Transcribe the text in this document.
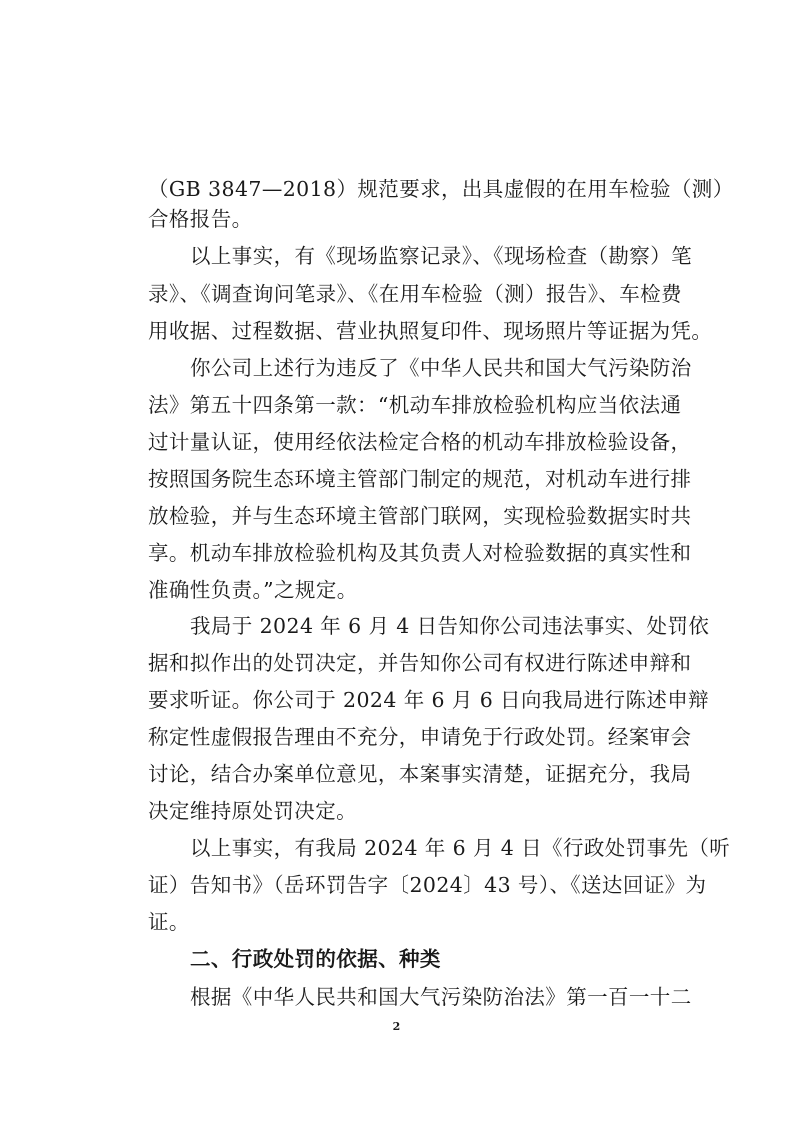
（GB 3847—2018）规范要求，出具虚假的在用车检验（测）
合格报告。
以上事实，有《现场监察记录》、《现场检查（勘察）笔
录》、《调查询问笔录》、《在用车检验（测）报告》、车检费
用收据、过程数据、营业执照复印件、现场照片等证据为凭。
你公司上述行为违反了《中华人民共和国大气污染防治
法》第五十四条第一款：“机动车排放检验机构应当依法通
过计量认证，使用经依法检定合格的机动车排放检验设备，
按照国务院生态环境主管部门制定的规范，对机动车进行排
放检验，并与生态环境主管部门联网，实现检验数据实时共
享。机动车排放检验机构及其负责人对检验数据的真实性和
准确性负责。”之规定。
我局于 2024 年 6 月 4 日告知你公司违法事实、处罚依
据和拟作出的处罚决定，并告知你公司有权进行陈述申辩和
要求听证。你公司于 2024 年 6 月 6 日向我局进行陈述申辩
称定性虚假报告理由不充分，申请免于行政处罚。经案审会
讨论，结合办案单位意见，本案事实清楚，证据充分，我局
决定维持原处罚决定。
以上事实，有我局 2024 年 6 月 4 日《行政处罚事先（听
证）告知书》（岳环罚告字〔2024〕43 号）、《送达回证》为
证。
二、行政处罚的依据、种类
根据《中华人民共和国大气污染防治法》第一百一十二
2
